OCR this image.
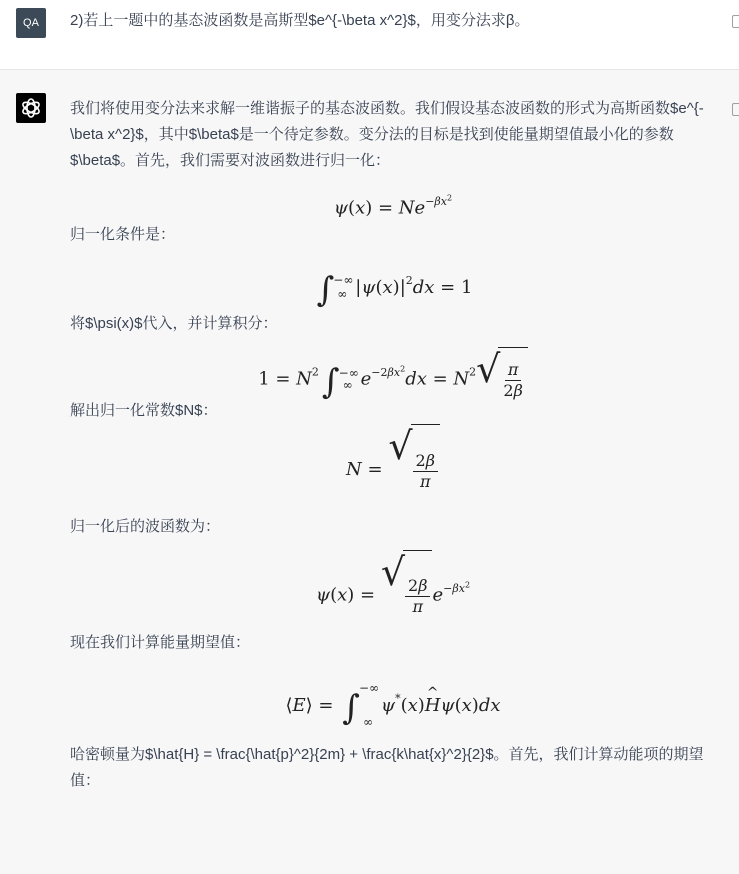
QA	2)若上一题中的基态波函数是高斯型$e^{-\beta x^2}$，用变分法求β。

我们将使用变分法来求解一维谐振子的基态波函数。我们假设基态波函数的形式为高斯函数$e^{-\beta x^2}$，其中$\beta$是一个待定参数。变分法的目标是找到使能量期望值最小化的参数$\beta$。首先，我们需要对波函数进行归一化：

$\psi(x) = Ne^{-\beta x^2}$

归一化条件是：

∫ ∞
−∞ $|\psi(x)|^2dx = 1$

将$\psi(x)$代入，并计算积分：

$1 = N^2\int$ ∞
−∞ $e^{-2\beta x^2}dx = N^2$ √ $\frac{\pi}{2\beta}$

解出归一化常数$N$：

N =
√
$\frac{2\beta}{\pi}$

归一化后的波函数为：

ψ(x) =
√
$\frac{2\beta}{\pi} e^{-\beta x^2}$

现在我们计算能量期望值：

⟨E⟩ = ∫ ∞
−∞
ψ*(x)^ Hψ(x)dx

哈密顿量为$\hat{H} = \frac{\hat{p}^2}{2m} + \frac{k\hat{x}^2}{2}$。首先，我们计算动能项的期望值：
